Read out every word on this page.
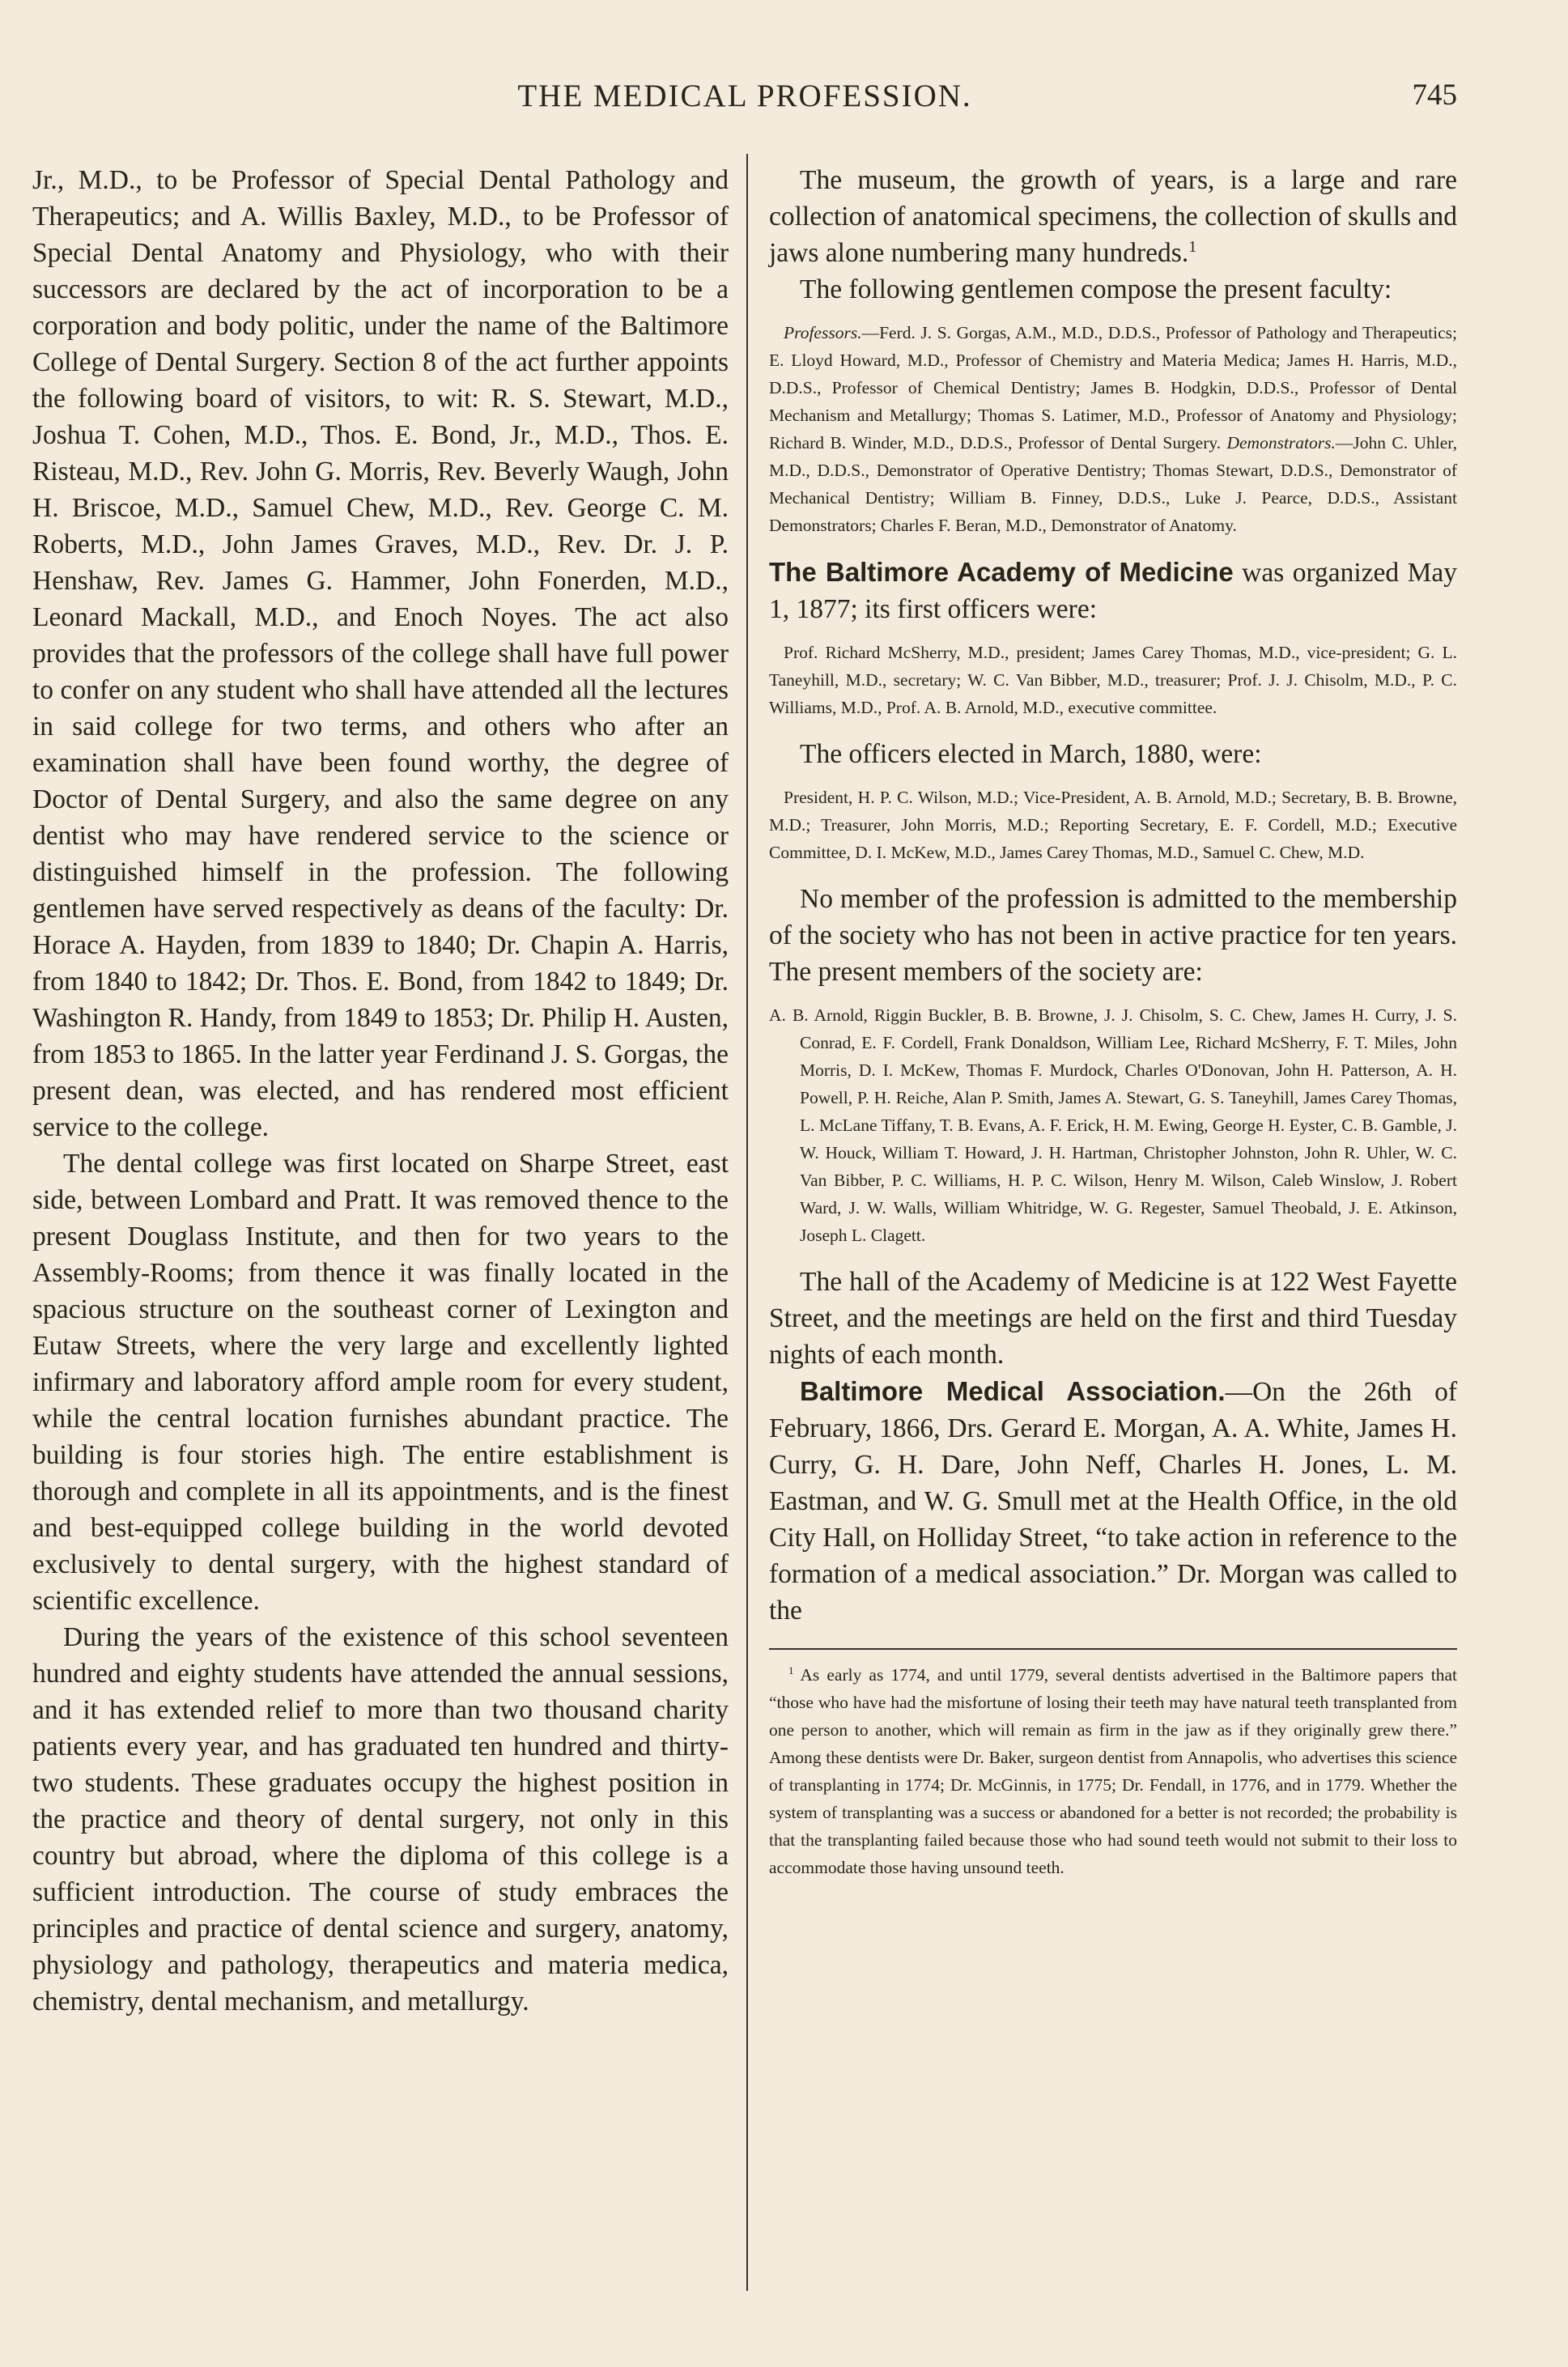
THE MEDICAL PROFESSION.	745

Jr., M.D., to be Professor of Special Dental Pathology and Therapeutics; and A. Willis Baxley, M.D., to be Professor of Special Dental Anatomy and Physiology, who with their successors are declared by the act of incorporation to be a corporation and body politic, under the name of the Baltimore College of Dental Surgery. Section 8 of the act further appoints the following board of visitors, to wit: R. S. Stewart, M.D., Joshua T. Cohen, M.D., Thos. E. Bond, Jr., M.D., Thos. E. Risteau, M.D., Rev. John G. Morris, Rev. Beverly Waugh, John H. Briscoe, M.D., Samuel Chew, M.D., Rev. George C. M. Roberts, M.D., John James Graves, M.D., Rev. Dr. J. P. Henshaw, Rev. James G. Hammer, John Fonerden, M.D., Leonard Mackall, M.D., and Enoch Noyes. The act also provides that the professors of the college shall have full power to confer on any student who shall have attended all the lectures in said college for two terms, and others who after an examination shall have been found worthy, the degree of Doctor of Dental Surgery, and also the same degree on any dentist who may have rendered service to the science or distinguished himself in the profession. The following gentlemen have served respectively as deans of the faculty: Dr. Horace A. Hayden, from 1839 to 1840; Dr. Chapin A. Harris, from 1840 to 1842; Dr. Thos. E. Bond, from 1842 to 1849; Dr. Washington R. Handy, from 1849 to 1853; Dr. Philip H. Austen, from 1853 to 1865. In the latter year Ferdinand J. S. Gorgas, the present dean, was elected, and has rendered most efficient service to the college.

The dental college was first located on Sharpe Street, east side, between Lombard and Pratt. It was removed thence to the present Douglass Institute, and then for two years to the Assembly-Rooms; from thence it was finally located in the spacious structure on the southeast corner of Lexington and Eutaw Streets, where the very large and excellently lighted infirmary and laboratory afford ample room for every student, while the central location furnishes abundant practice. The building is four stories high. The entire establishment is thorough and complete in all its appointments, and is the finest and best-equipped college building in the world devoted exclusively to dental surgery, with the highest standard of scientific excellence.

During the years of the existence of this school seventeen hundred and eighty students have attended the annual sessions, and it has extended relief to more than two thousand charity patients every year, and has graduated ten hundred and thirty-two students. These graduates occupy the highest position in the practice and theory of dental surgery, not only in this country but abroad, where the diploma of this college is a sufficient introduction. The course of study embraces the principles and practice of dental science and surgery, anatomy, physiology and pathology, therapeutics and materia medica, chemistry, dental mechanism, and metallurgy.

The museum, the growth of years, is a large and rare collection of anatomical specimens, the collection of skulls and jaws alone numbering many hundreds.$^1$

The following gentlemen compose the present faculty:

Professors.—Ferd. J. S. Gorgas, A.M., M.D., D.D.S., Professor of Pathology and Therapeutics; E. Lloyd Howard, M.D., Professor of Chemistry and Materia Medica; James H. Harris, M.D., D.D.S., Professor of Chemical Dentistry; James B. Hodgkin, D.D.S., Professor of Dental Mechanism and Metallurgy; Thomas S. Latimer, M.D., Professor of Anatomy and Physiology; Richard B. Winder, M.D., D.D.S., Professor of Dental Surgery. Demonstrators.—John C. Uhler, M.D., D.D.S., Demonstrator of Operative Dentistry; Thomas Stewart, D.D.S., Demonstrator of Mechanical Dentistry; William B. Finney, D.D.S., Luke J. Pearce, D.D.S., Assistant Demonstrators; Charles F. Beran, M.D., Demonstrator of Anatomy.

The Baltimore Academy of Medicine was organized May 1, 1877; its first officers were:

Prof. Richard McSherry, M.D., president; James Carey Thomas, M.D., vice-president; G. L. Taneyhill, M.D., secretary; W. C. Van Bibber, M.D., treasurer; Prof. J. J. Chisolm, M.D., P. C. Williams, M.D., Prof. A. B. Arnold, M.D., executive committee.

The officers elected in March, 1880, were:

President, H. P. C. Wilson, M.D.; Vice-President, A. B. Arnold, M.D.; Secretary, B. B. Browne, M.D.; Treasurer, John Morris, M.D.; Reporting Secretary, E. F. Cordell, M.D.; Executive Committee, D. I. McKew, M.D., James Carey Thomas, M.D., Samuel C. Chew, M.D.

No member of the profession is admitted to the membership of the society who has not been in active practice for ten years. The present members of the society are:

A. B. Arnold, Riggin Buckler, B. B. Browne, J. J. Chisolm, S. C. Chew, James H. Curry, J. S. Conrad, E. F. Cordell, Frank Donaldson, William Lee, Richard McSherry, F. T. Miles, John Morris, D. I. McKew, Thomas F. Murdock, Charles O'Donovan, John H. Patterson, A. H. Powell, P. H. Reiche, Alan P. Smith, James A. Stewart, G. S. Taneyhill, James Carey Thomas, L. McLane Tiffany, T. B. Evans, A. F. Erick, H. M. Ewing, George H. Eyster, C. B. Gamble, J. W. Houck, William T. Howard, J. H. Hartman, Christopher Johnston, John R. Uhler, W. C. Van Bibber, P. C. Williams, H. P. C. Wilson, Henry M. Wilson, Caleb Winslow, J. Robert Ward, J. W. Walls, William Whitridge, W. G. Regester, Samuel Theobald, J. E. Atkinson, Joseph L. Clagett.

The hall of the Academy of Medicine is at 122 West Fayette Street, and the meetings are held on the first and third Tuesday nights of each month.

Baltimore Medical Association.—On the 26th of February, 1866, Drs. Gerard E. Morgan, A. A. White, James H. Curry, G. H. Dare, John Neff, Charles H. Jones, L. M. Eastman, and W. G. Smull met at the Health Office, in the old City Hall, on Holliday Street, “to take action in reference to the formation of a medical association.” Dr. Morgan was called to the

$^1$ As early as 1774, and until 1779, several dentists advertised in the Baltimore papers that “those who have had the misfortune of losing their teeth may have natural teeth transplanted from one person to another, which will remain as firm in the jaw as if they originally grew there.” Among these dentists were Dr. Baker, surgeon dentist from Annapolis, who advertises this science of transplanting in 1774; Dr. McGinnis, in 1775; Dr. Fendall, in 1776, and in 1779. Whether the system of transplanting was a success or abandoned for a better is not recorded; the probability is that the transplanting failed because those who had sound teeth would not submit to their loss to accommodate those having unsound teeth.
